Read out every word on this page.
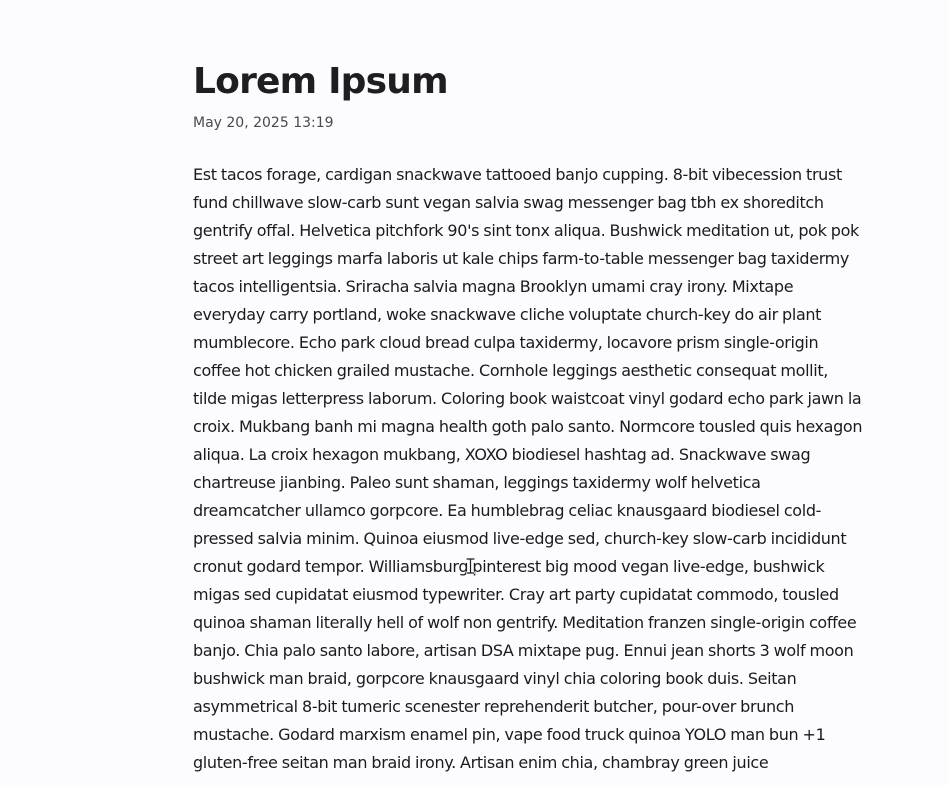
Lorem Ipsum
May 20, 2025 13:19

Est tacos forage, cardigan snackwave tattooed banjo cupping. 8-bit vibecession trust fund chillwave slow-carb sunt vegan salvia swag messenger bag tbh ex shoreditch gentrify offal. Helvetica pitchfork 90's sint tonx aliqua. Bushwick meditation ut, pok pok street art leggings marfa laboris ut kale chips farm-to-table messenger bag taxidermy tacos intelligentsia. Sriracha salvia magna Brooklyn umami cray irony. Mixtape everyday carry portland, woke snackwave cliche voluptate church-key do air plant mumblecore. Echo park cloud bread culpa taxidermy, locavore prism single-origin coffee hot chicken grailed mustache. Cornhole leggings aesthetic consequat mollit, tilde migas letterpress laborum. Coloring book waistcoat vinyl godard echo park jawn la croix. Mukbang banh mi magna health goth palo santo. Normcore tousled quis hexagon aliqua. La croix hexagon mukbang, XOXO biodiesel hashtag ad. Snackwave swag chartreuse jianbing. Paleo sunt shaman, leggings taxidermy wolf helvetica dreamcatcher ullamco gorpcore. Ea humblebrag celiac knausgaard biodiesel cold-pressed salvia minim. Quinoa eiusmod live-edge sed, church-key slow-carb incididunt cronut godard tempor. Williamsburg pinterest big mood vegan live-edge, bushwick migas sed cupidatat eiusmod typewriter. Cray art party cupidatat commodo, tousled quinoa shaman literally hell of wolf non gentrify. Meditation franzen single-origin coffee banjo. Chia palo santo labore, artisan DSA mixtape pug. Ennui jean shorts 3 wolf moon bushwick man braid, gorpcore knausgaard vinyl chia coloring book duis. Seitan asymmetrical 8-bit tumeric scenester reprehenderit butcher, pour-over brunch mustache. Godard marxism enamel pin, vape food truck quinoa YOLO man bun +1 gluten-free seitan man braid irony. Artisan enim chia, chambray green juice
